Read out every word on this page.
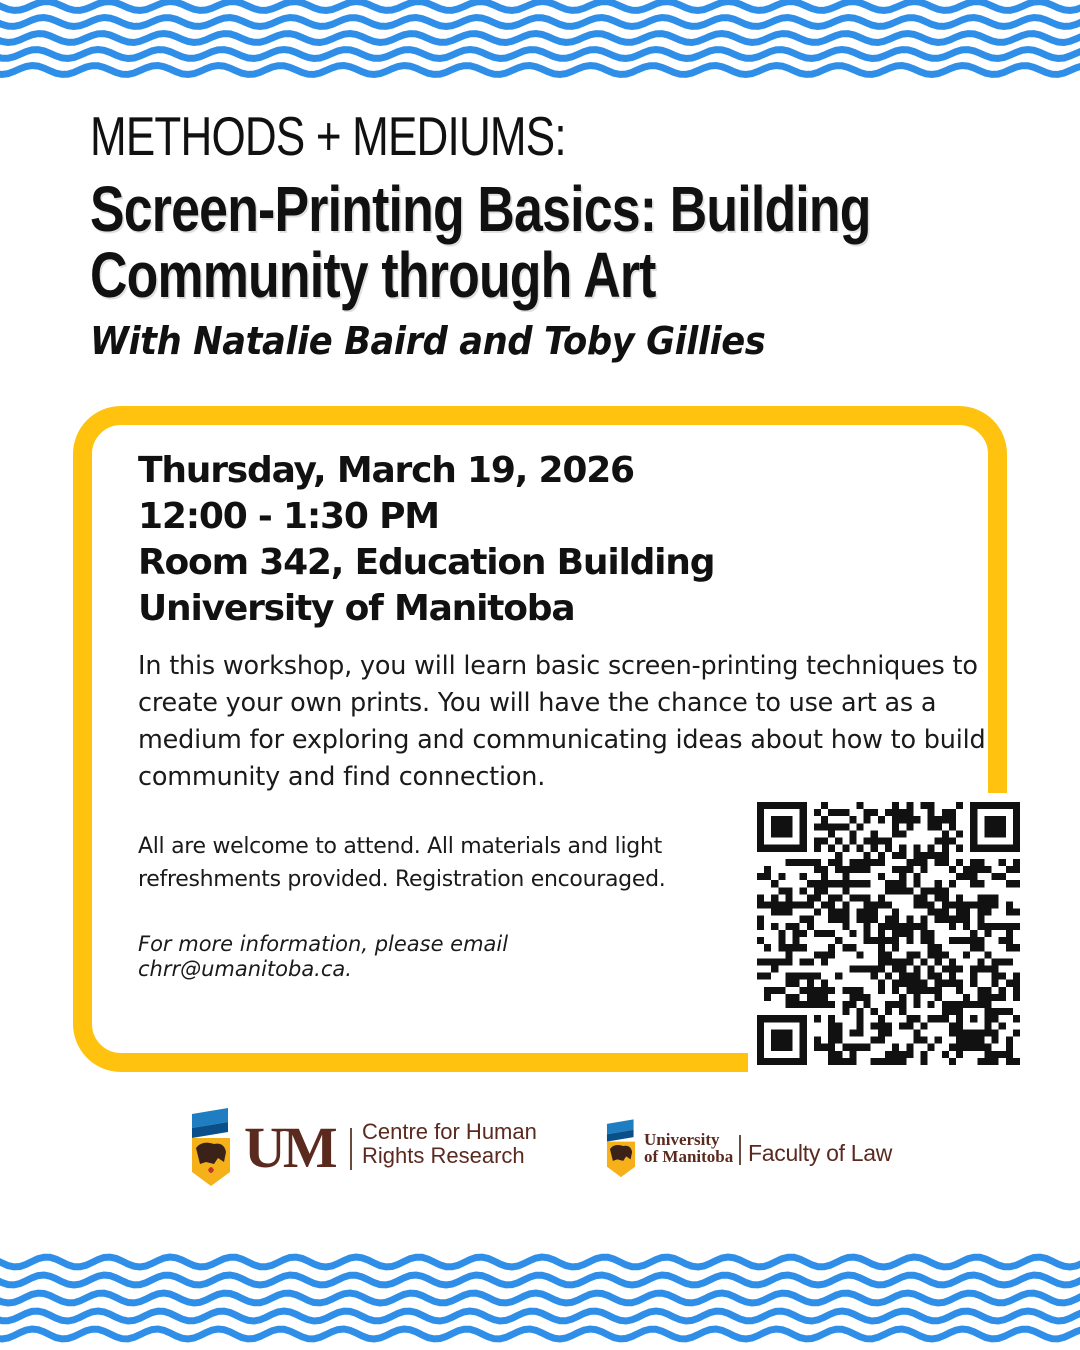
METHODS + MEDIUMS:
Screen-Printing Basics: Building Community through Art

With Natalie Baird and Toby Gillies

Thursday, March 19, 2026
12:00 - 1:30 PM
Room 342, Education Building
University of Manitoba

In this workshop, you will learn basic screen-printing techniques to create your own prints. You will have the chance to use art as a medium for exploring and communicating ideas about how to build community and find connection.

All are welcome to attend. All materials and light refreshments provided. Registration encouraged.

For more information, please email chrr@umanitoba.ca.

UM Centre for Human
Rights Research
University
of Manitoba Faculty of Law
